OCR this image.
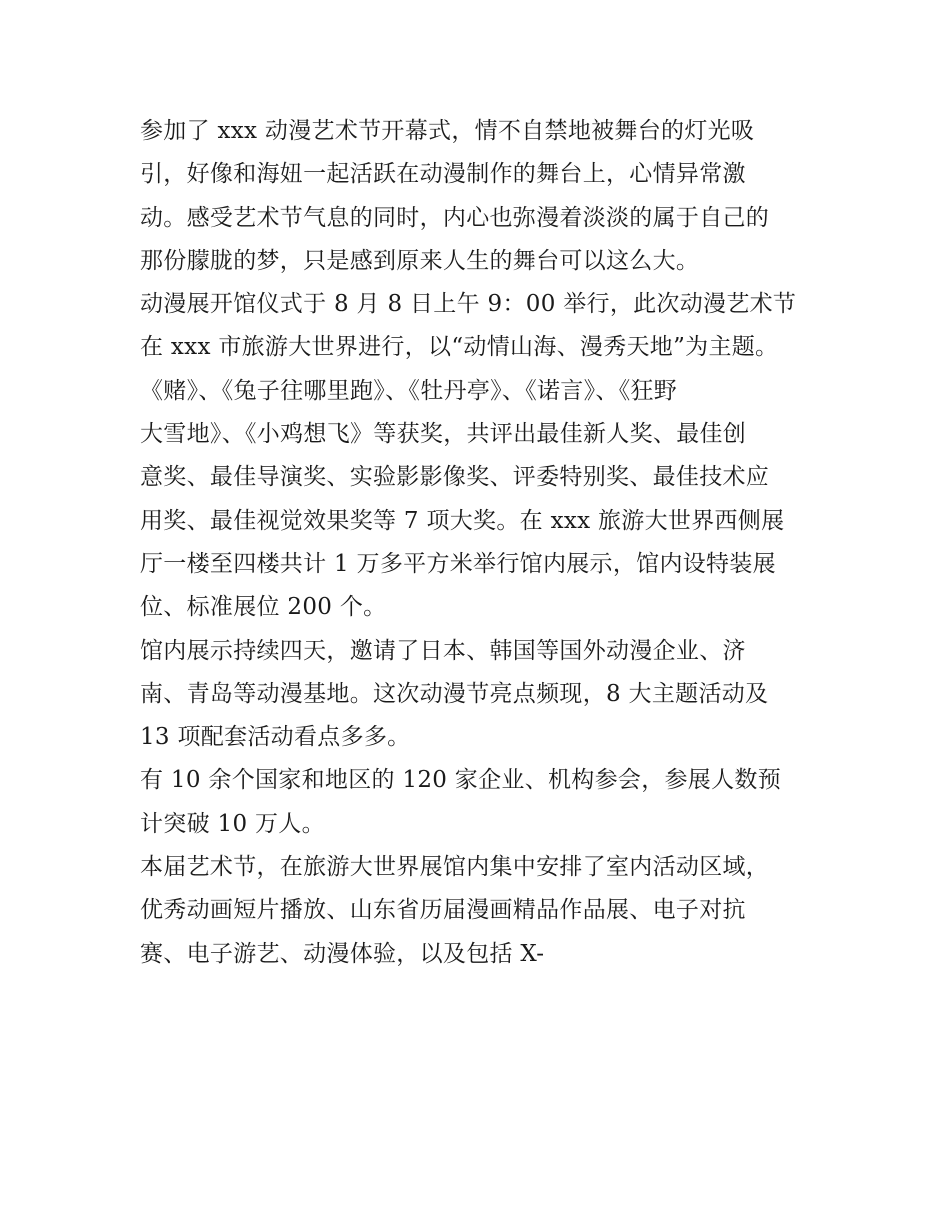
参加了 xxx 动漫艺术节开幕式，情不自禁地被舞台的灯光吸
引，好像和海妞一起活跃在动漫制作的舞台上，心情异常激
动。感受艺术节气息的同时，内心也弥漫着淡淡的属于自己的
那份朦胧的梦，只是感到原来人生的舞台可以这么大。

动漫展开馆仪式于 8 月 8 日上午 9：00 举行，此次动漫艺术节
在 xxx 市旅游大世界进行，以“动情山海、漫秀天地”为主题。
《赌》、《兔子往哪里跑》、《牡丹亭》、《诺言》、《狂野
大雪地》、《小鸡想飞》等获奖，共评出最佳新人奖、最佳创
意奖、最佳导演奖、实验影影像奖、评委特别奖、最佳技术应
用奖、最佳视觉效果奖等 7 项大奖。在 xxx 旅游大世界西侧展
厅一楼至四楼共计 1 万多平方米举行馆内展示，馆内设特装展
位、标准展位 200 个。

馆内展示持续四天，邀请了日本、韩国等国外动漫企业、济
南、青岛等动漫基地。这次动漫节亮点频现，8 大主题活动及
13 项配套活动看点多多。

有 10 余个国家和地区的 120 家企业、机构参会，参展人数预
计突破 10 万人。

本届艺术节，在旅游大世界展馆内集中安排了室内活动区域，
优秀动画短片播放、山东省历届漫画精品作品展、电子对抗
赛、电子游艺、动漫体验，以及包括 X-
